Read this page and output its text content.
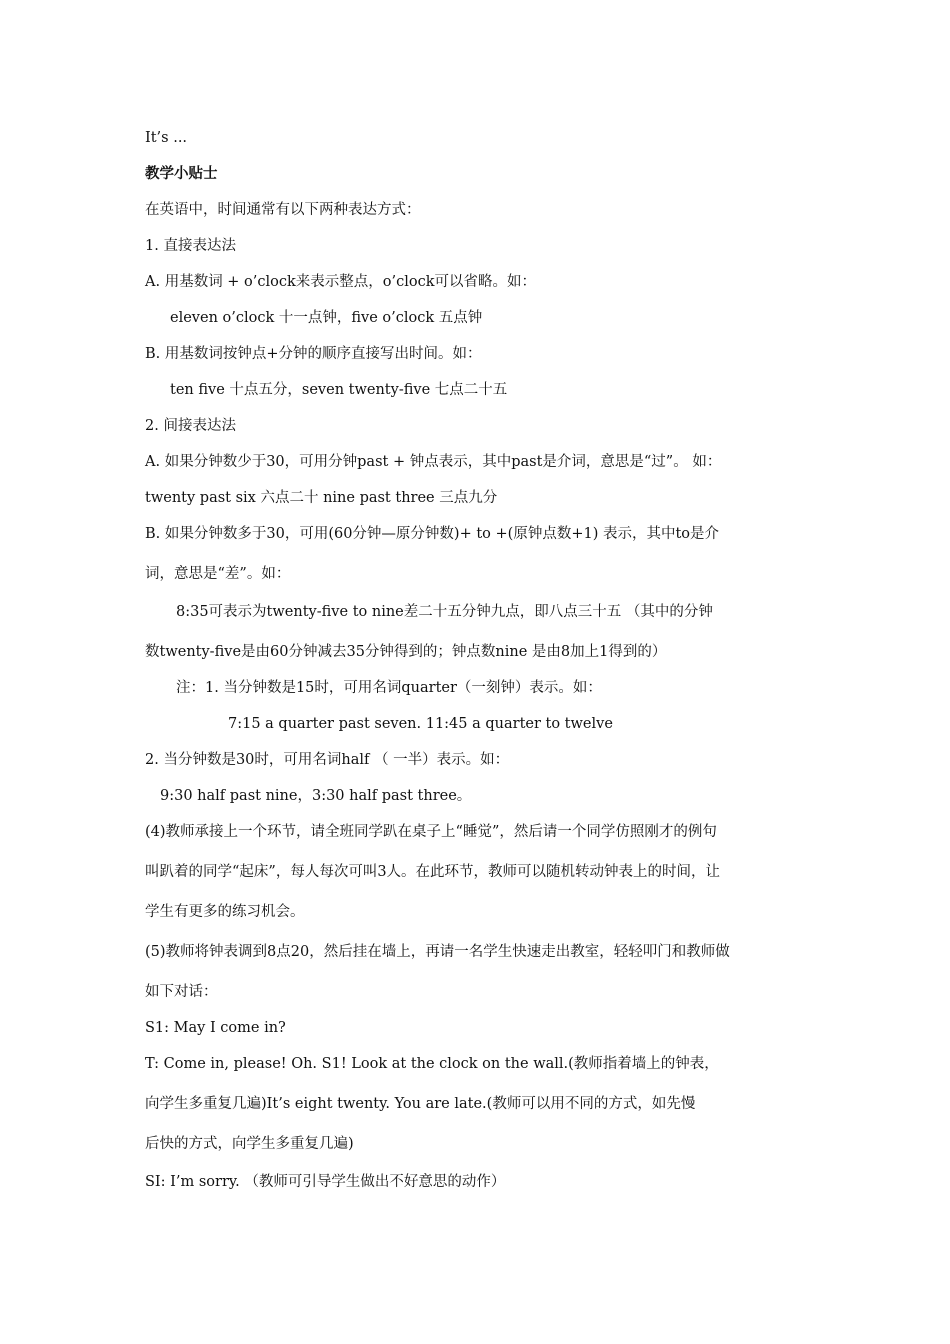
It’s ...
教学小贴士
在英语中，时间通常有以下两种表达方式：
1. 直接表达法
A. 用基数词 + o’clock来表示整点，o’clock可以省略。如：
eleven o’clock 十一点钟，five o’clock 五点钟
B. 用基数词按钟点+分钟的顺序直接写出时间。如：
ten five 十点五分，seven twenty-five 七点二十五
2. 间接表达法
A. 如果分钟数少于30，可用分钟past + 钟点表示，其中past是介词，意思是“过”。 如：
twenty past six 六点二十 nine past three 三点九分
B. 如果分钟数多于30，可用(60分钟—原分钟数)+ to +(原钟点数+1) 表示，其中to是介
词，意思是“差”。如：
8:35可表示为twenty-five to nine差二十五分钟九点，即八点三十五 （其中的分钟
数twenty-five是由60分钟减去35分钟得到的；钟点数nine 是由8加上1得到的）
注：1. 当分钟数是15时，可用名词quarter（一刻钟）表示。如：
7:15 a quarter past seven. 11:45 a quarter to twelve
2. 当分钟数是30时，可用名词half （ 一半）表示。如：
9:30 half past nine，3:30 half past three。
(4)教师承接上一个环节，请全班同学趴在桌子上“睡觉”，然后请一个同学仿照刚才的例句
叫趴着的同学“起床”，每人每次可叫3人。在此环节，教师可以随机转动钟表上的时间，让
学生有更多的练习机会。
(5)教师将钟表调到8点20，然后挂在墙上，再请一名学生快速走出教室，轻轻叩门和教师做
如下对话：
S1: May I come in?
T: Come in, please! Oh. S1! Look at the clock on the wall.(教师指着墙上的钟表，
向学生多重复几遍)It’s eight twenty. You are late.(教师可以用不同的方式，如先慢
后快的方式，向学生多重复几遍)
SI: I’m sorry. （教师可引导学生做出不好意思的动作）
